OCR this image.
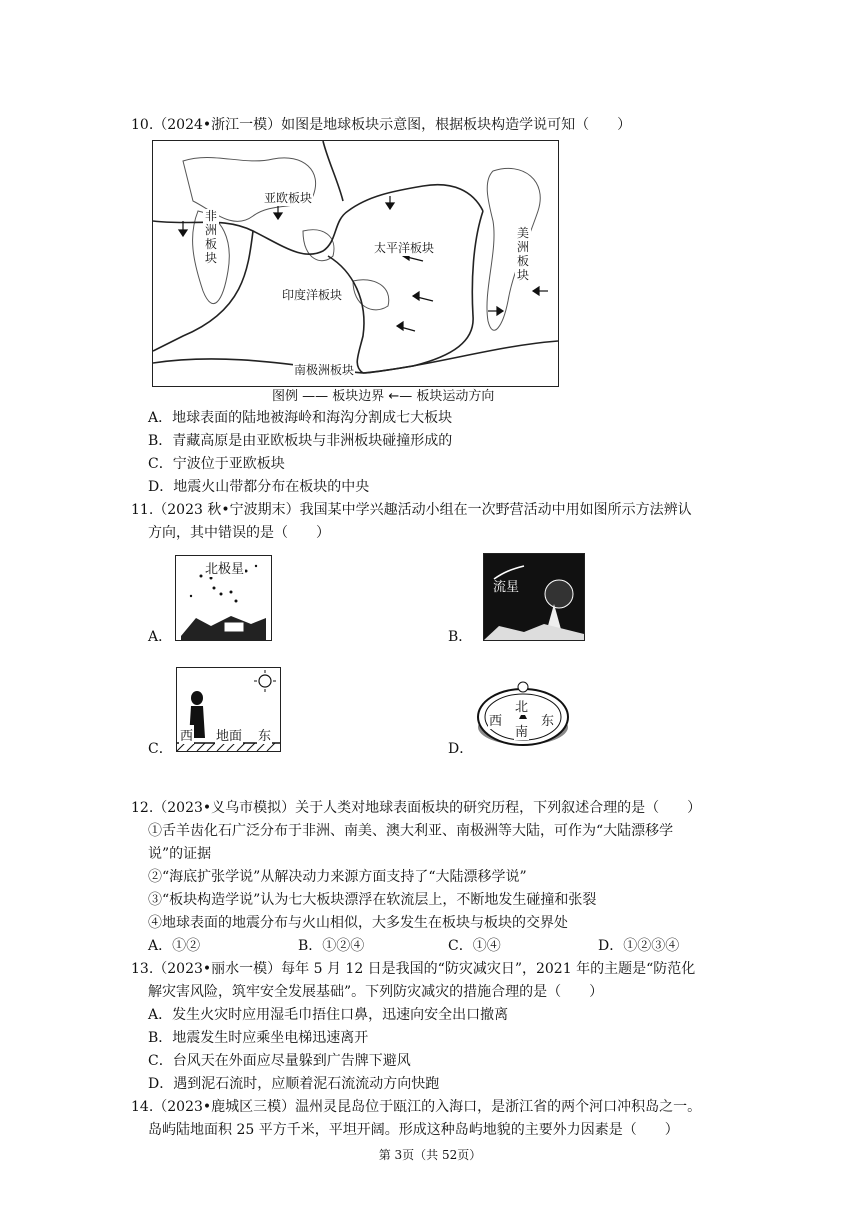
10.（2024•浙江一模）如图是地球板块示意图，根据板块构造学说可知（　　）
亚欧板块
非洲板块
太平洋板块
美洲板块
印度洋板块
南极洲板块
图例 —— 板块边界 ←— 板块运动方向
A．地球表面的陆地被海岭和海沟分割成七大板块
B．青藏高原是由亚欧板块与非洲板块碰撞形成的
C．宁波位于亚欧板块
D．地震火山带都分布在板块的中央
11.（2023 秋•宁波期末）我国某中学兴趣活动小组在一次野营活动中用如图所示方法辨认
方向，其中错误的是（　　）
A．
北极星
B．
流星
C．
西 地面 东
D．
北
南
西	东
12.（2023•义乌市模拟）关于人类对地球表面板块的研究历程，下列叙述合理的是（　　）
①舌羊齿化石广泛分布于非洲、南美、澳大利亚、南极洲等大陆，可作为“大陆漂移学
说”的证据
②“海底扩张学说”从解决动力来源方面支持了“大陆漂移学说”
③“板块构造学说”认为七大板块漂浮在软流层上，不断地发生碰撞和张裂
④地球表面的地震分布与火山相似，大多发生在板块与板块的交界处
A．①②	B．①②④	C．①④	D．①②③④
13.（2023•丽水一模）每年 5 月 12 日是我国的“防灾减灾日”，2021 年的主题是“防范化
解灾害风险，筑牢安全发展基础”。下列防灾减灾的措施合理的是（　　）
A．发生火灾时应用湿毛巾捂住口鼻，迅速向安全出口撤离
B．地震发生时应乘坐电梯迅速离开
C．台风天在外面应尽量躲到广告牌下避风
D．遇到泥石流时，应顺着泥石流流动方向快跑
14.（2023•鹿城区三模）温州灵昆岛位于瓯江的入海口，是浙江省的两个河口冲积岛之一。
岛屿陆地面积 25 平方千米，平坦开阔。形成这种岛屿地貌的主要外力因素是（　　）
第 3页（共 52页）
